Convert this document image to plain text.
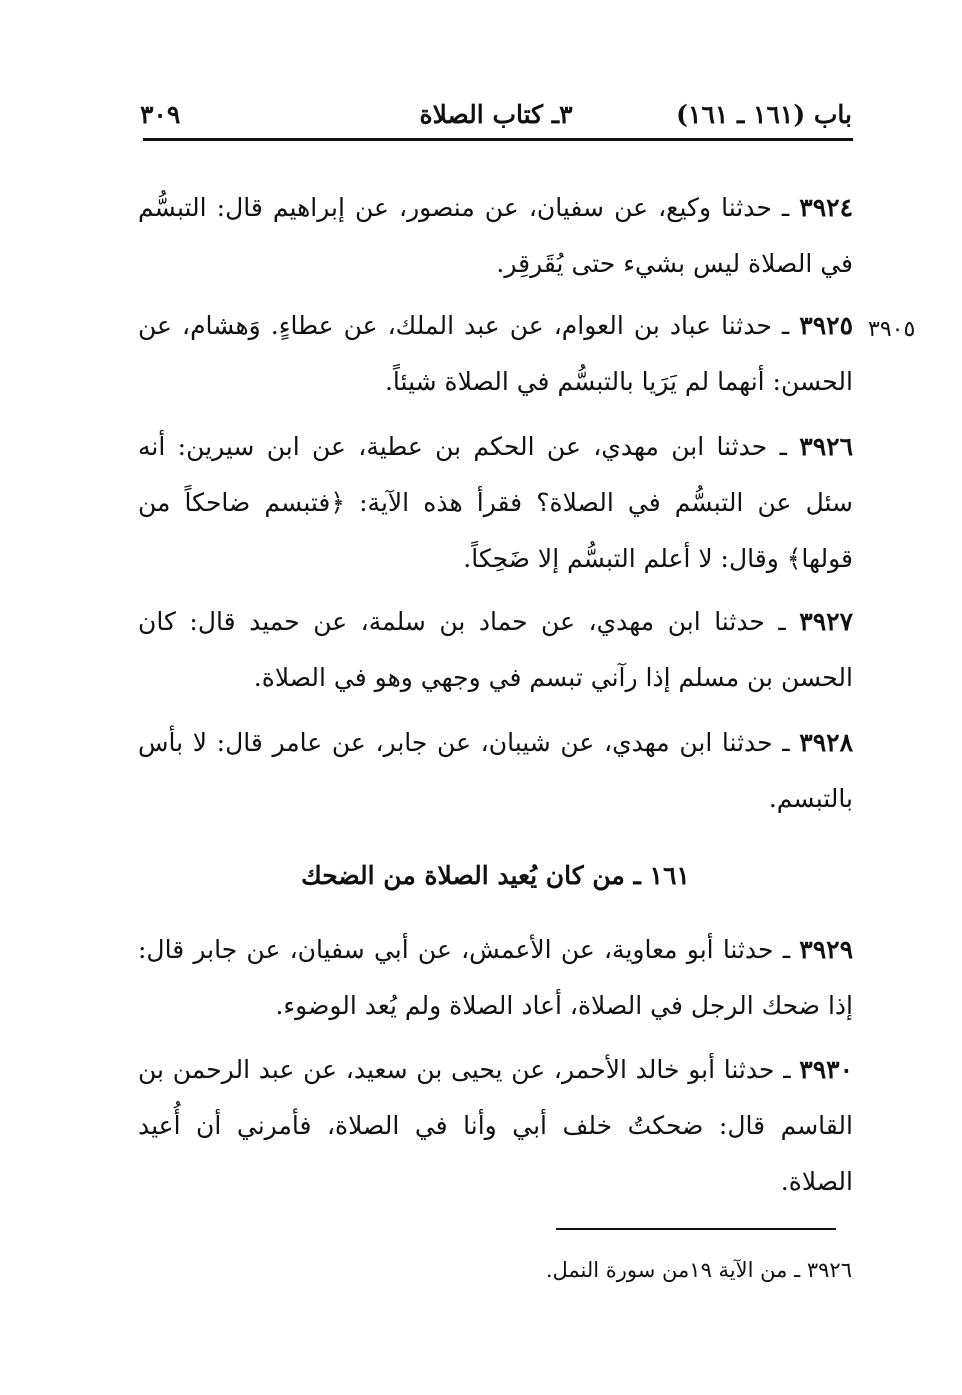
باب (١٦١ ـ ١٦١)
٣ـ كتاب الصلاة
٣٠٩
٣٩٠٥

٣٩٢٤ ـ حدثنا وكيع، عن سفيان، عن منصور، عن إبراهيم قال: التبسُّم في الصلاة ليس بشيء حتى يُقَرقِر.

٣٩٢٥ ـ حدثنا عباد بن العوام، عن عبد الملك، عن عطاءٍ. وَهشام، عن الحسن: أنهما لم يَرَيا بالتبسُّم في الصلاة شيئاً.

٣٩٢٦ ـ حدثنا ابن مهدي، عن الحكم بن عطية، عن ابن سيرين: أنه سئل عن التبسُّم في الصلاة؟ فقرأ هذه الآية: ﴿فتبسم ضاحكاً من قولها﴾ وقال: لا أعلم التبسُّم إلا ضَحِكاً.

٣٩٢٧ ـ حدثنا ابن مهدي، عن حماد بن سلمة، عن حميد قال: كان الحسن بن مسلم إذا رآني تبسم في وجهي وهو في الصلاة.

٣٩٢٨ ـ حدثنا ابن مهدي، عن شيبان، عن جابر، عن عامر قال: لا بأس بالتبسم.

١٦١ ـ من كان يُعيد الصلاة من الضحك

٣٩٢٩ ـ حدثنا أبو معاوية، عن الأعمش، عن أبي سفيان، عن جابر قال: إذا ضحك الرجل في الصلاة، أعاد الصلاة ولم يُعد الوضوء.

٣٩٣٠ ـ حدثنا أبو خالد الأحمر، عن يحيى بن سعيد، عن عبد الرحمن بن القاسم قال: ضحكتُ خلف أبي وأنا في الصلاة، فأمرني أن أُعيد الصلاة.

٣٩٢٦ ـ من الآية ١٩من سورة النمل.
